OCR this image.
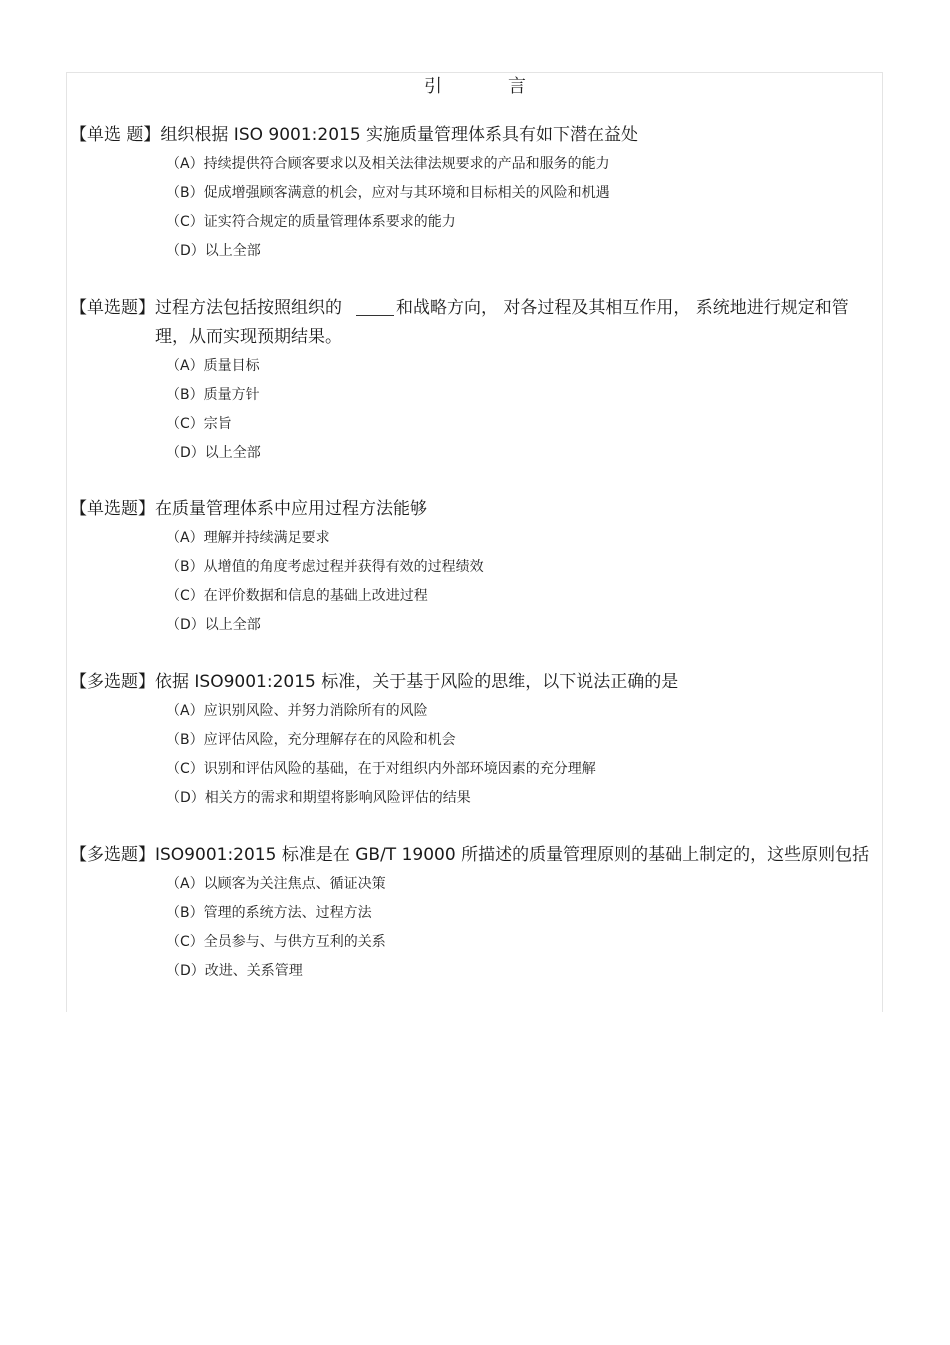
引　言
【单选 题】 组织根据 ISO 9001:2015 实施质量管理体系具有如下潜在益处
（A）持续提供符合顾客要求以及相关法律法规要求的产品和服务的能力
（B）促成增强顾客满意的机会，应对与其环境和目标相关的风险和机遇
（C）证实符合规定的质量管理体系要求的能力
（D）以上全部
【单选题】 过程方法包括按照组织的	和战略方向， 对各过程及其相互作用， 系统地进行规定和管理，从而实现预期结果。
（A）质量目标
（B）质量方针
（C）宗旨
（D）以上全部
【单选题】 在质量管理体系中应用过程方法能够
（A）理解并持续满足要求
（B）从增值的角度考虑过程并获得有效的过程绩效
（C）在评价数据和信息的基础上改进过程
（D）以上全部
【多选题】 依据 ISO9001:2015 标准，关于基于风险的思维，以下说法正确的是
（A）应识别风险、并努力消除所有的风险
（B）应评估风险，充分理解存在的风险和机会
（C）识别和评估风险的基础，在于对组织内外部环境因素的充分理解
（D）相关方的需求和期望将影响风险评估的结果
【多选题】 ISO9001:2015 标准是在 GB/T 19000 所描述的质量管理原则的基础上制定的，这些原则包括
（A）以顾客为关注焦点、循证决策
（B）管理的系统方法、过程方法
（C）全员参与、与供方互利的关系
（D）改进、关系管理
